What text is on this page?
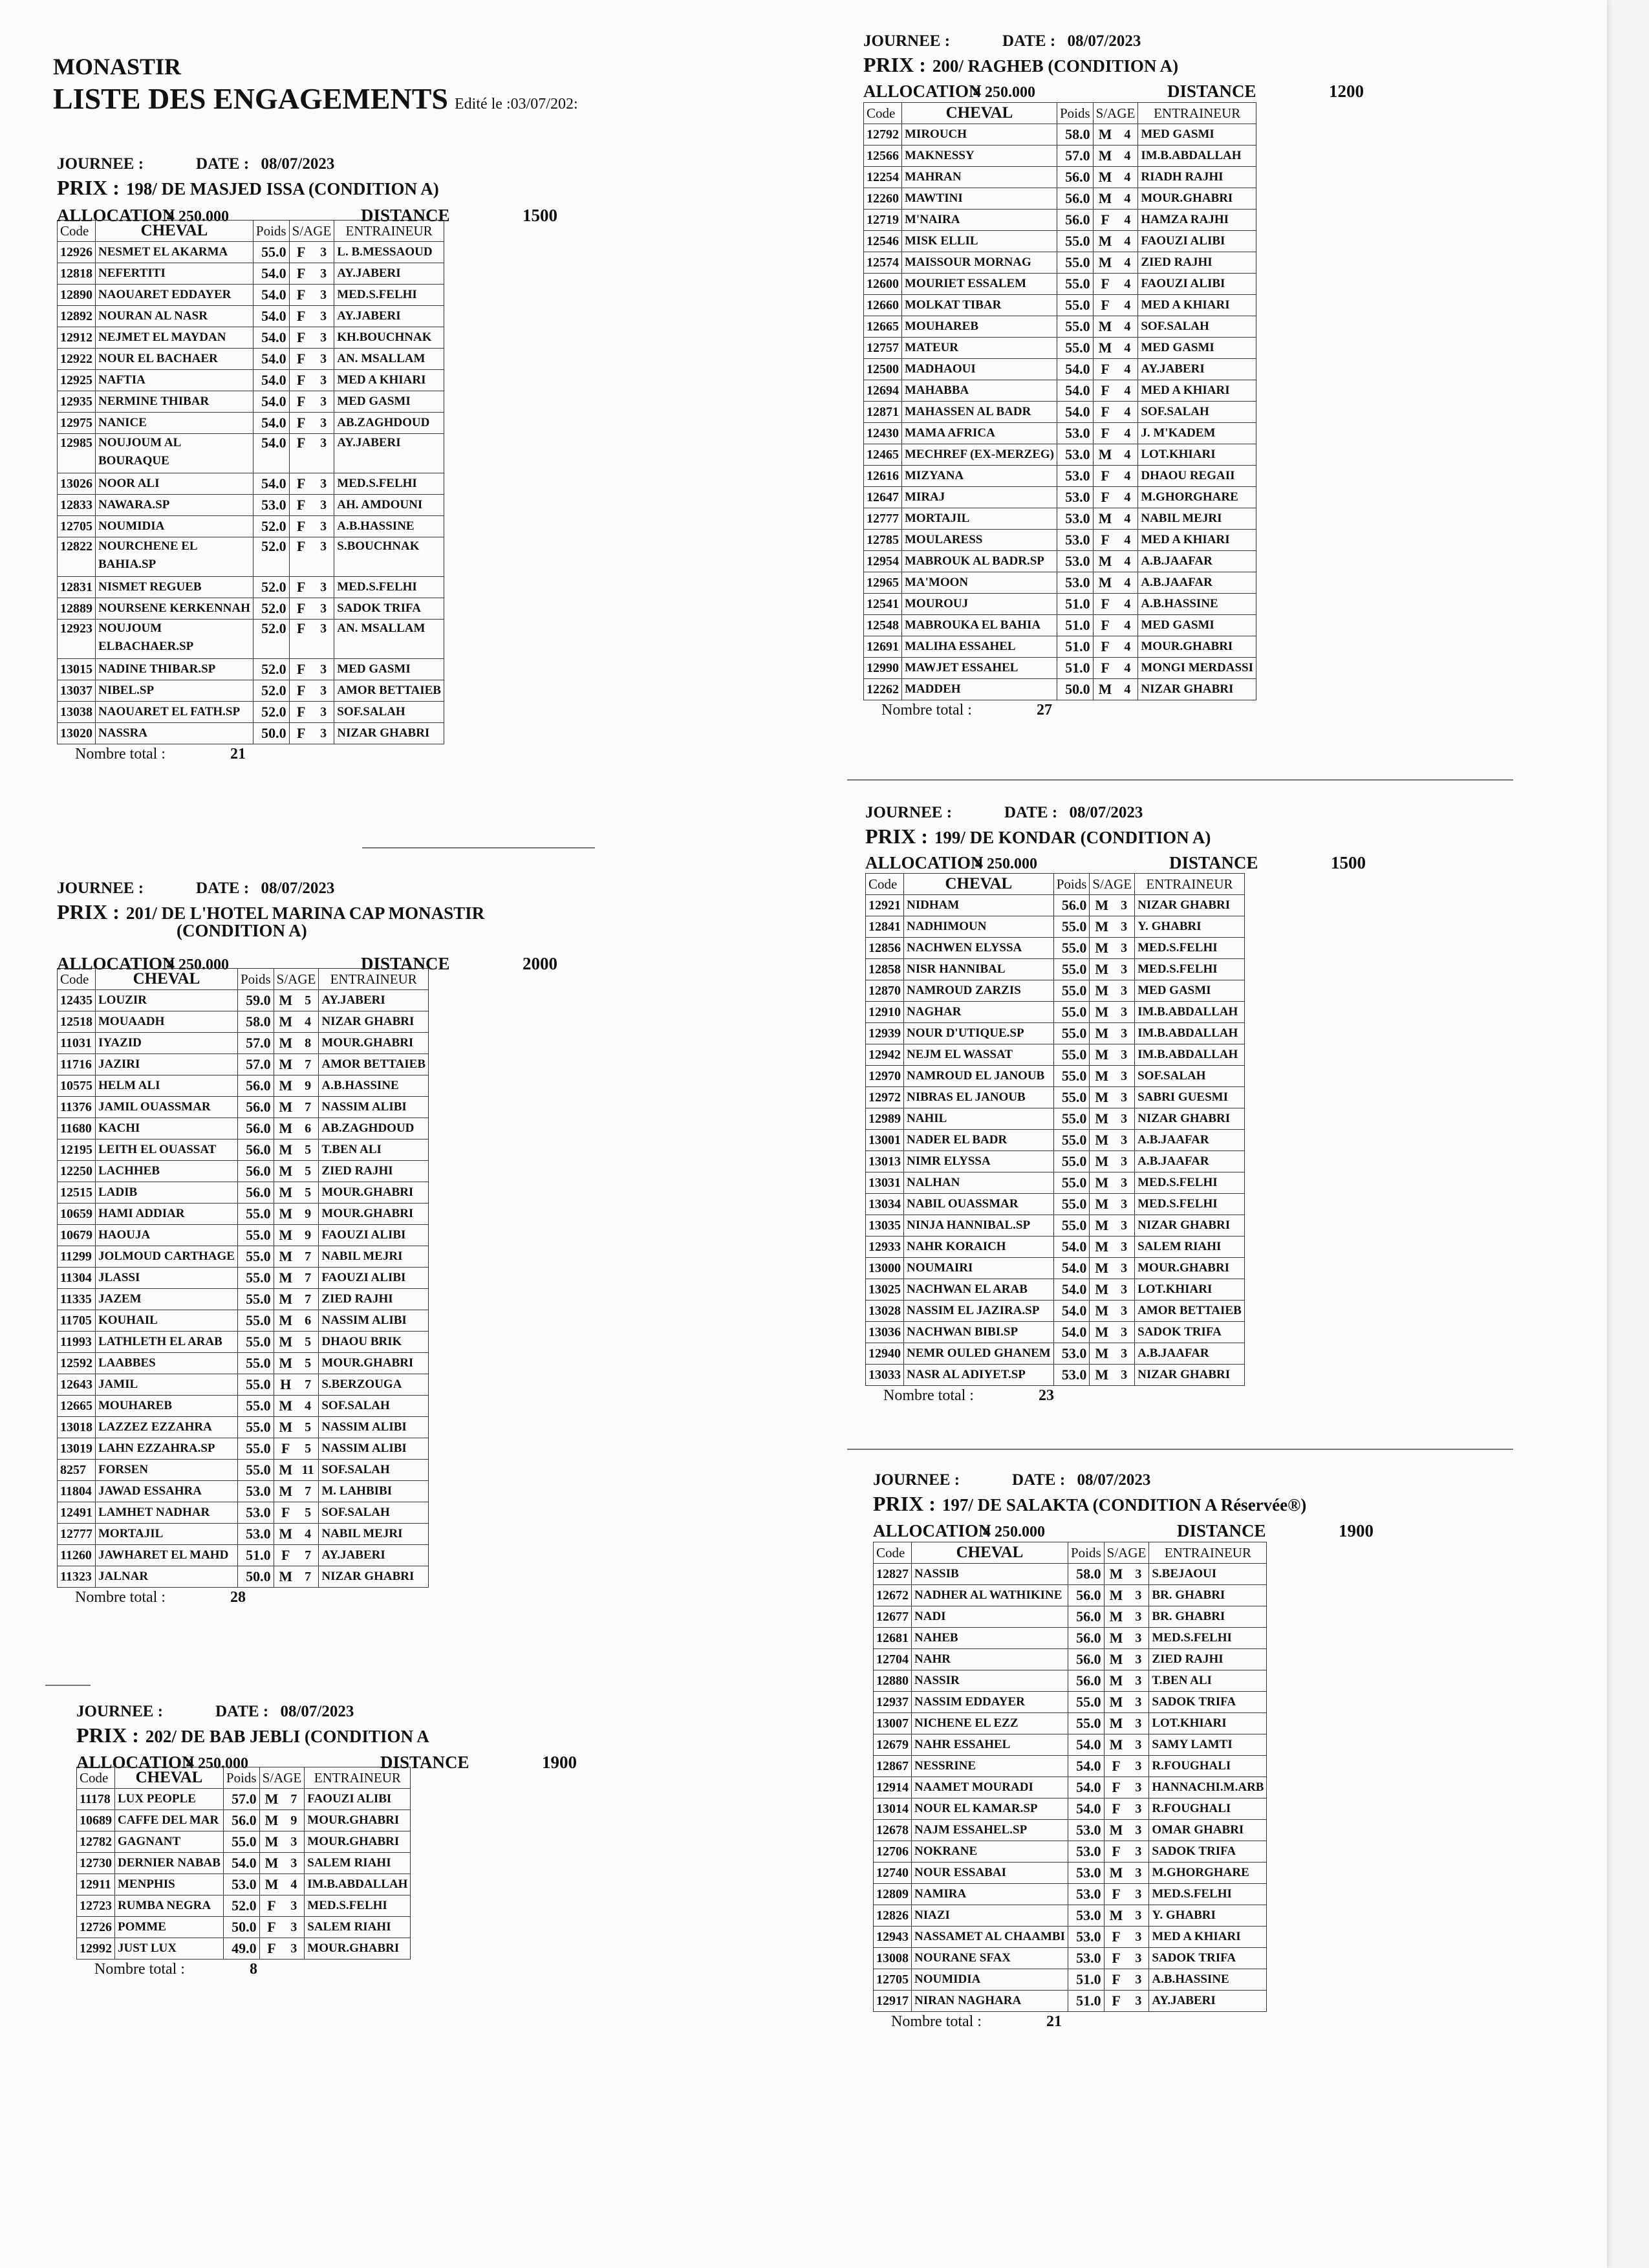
MONASTIR
LISTE DES ENGAGEMENTS Edité le :03/07/202:
JOURNEE :	DATE : 08/07/2023
PRIX : 198/ DE MASJED ISSA (CONDITION A)
ALLOCATION4 250.000	DISTANCE	1500
Code	CHEVAL	Poids	S/AGE		ENTRAINEUR
12926	NESMET EL AKARMA	55.0	F	3	L. B.MESSAOUD
12818	NEFERTITI	54.0	F	3	AY.JABERI
12890	NAOUARET EDDAYER	54.0	F	3	MED.S.FELHI
12892	NOURAN AL NASR	54.0	F	3	AY.JABERI
12912	NEJMET EL MAYDAN	54.0	F	3	KH.BOUCHNAK
12922	NOUR EL BACHAER	54.0	F	3	AN. MSALLAM
12925	NAFTIA	54.0	F	3	MED A KHIARI
12935	NERMINE THIBAR	54.0	F	3	MED GASMI
12975	NANICE	54.0	F	3	AB.ZAGHDOUD
12985	NOUJOUM AL
BOURAQUE	54.0	F	3	AY.JABERI
13026	NOOR ALI	54.0	F	3	MED.S.FELHI
12833	NAWARA.SP	53.0	F	3	AH. AMDOUNI
12705	NOUMIDIA	52.0	F	3	A.B.HASSINE
12822	NOURCHENE EL
BAHIA.SP	52.0	F	3	S.BOUCHNAK
12831	NISMET REGUEB	52.0	F	3	MED.S.FELHI
12889	NOURSENE KERKENNAH	52.0	F	3	SADOK TRIFA
12923	NOUJOUM
ELBACHAER.SP	52.0	F	3	AN. MSALLAM
13015	NADINE THIBAR.SP	52.0	F	3	MED GASMI
13037	NIBEL.SP	52.0	F	3	AMOR BETTAIEB
13038	NAOUARET EL FATH.SP	52.0	F	3	SOF.SALAH
13020	NASSRA	50.0	F	3	NIZAR GHABRI
Nombre total :	21
JOURNEE :	DATE : 08/07/2023
PRIX : 201/ DE L'HOTEL MARINA CAP MONASTIR
(CONDITION A)
ALLOCATION4 250.000	DISTANCE	2000
Code	CHEVAL	Poids	S/AGE		ENTRAINEUR
12435	LOUZIR	59.0	M	5	AY.JABERI
12518	MOUAADH	58.0	M	4	NIZAR GHABRI
11031	IYAZID	57.0	M	8	MOUR.GHABRI
11716	JAZIRI	57.0	M	7	AMOR BETTAIEB
10575	HELM ALI	56.0	M	9	A.B.HASSINE
11376	JAMIL OUASSMAR	56.0	M	7	NASSIM ALIBI
11680	KACHI	56.0	M	6	AB.ZAGHDOUD
12195	LEITH EL OUASSAT	56.0	M	5	T.BEN ALI
12250	LACHHEB	56.0	M	5	ZIED RAJHI
12515	LADIB	56.0	M	5	MOUR.GHABRI
10659	HAMI ADDIAR	55.0	M	9	MOUR.GHABRI
10679	HAOUJA	55.0	M	9	FAOUZI ALIBI
11299	JOLMOUD CARTHAGE	55.0	M	7	NABIL MEJRI
11304	JLASSI	55.0	M	7	FAOUZI ALIBI
11335	JAZEM	55.0	M	7	ZIED RAJHI
11705	KOUHAIL	55.0	M	6	NASSIM ALIBI
11993	LATHLETH EL ARAB	55.0	M	5	DHAOU BRIK
12592	LAABBES	55.0	M	5	MOUR.GHABRI
12643	JAMIL	55.0	H	7	S.BERZOUGA
12665	MOUHAREB	55.0	M	4	SOF.SALAH
13018	LAZZEZ EZZAHRA	55.0	M	5	NASSIM ALIBI
13019	LAHN EZZAHRA.SP	55.0	F	5	NASSIM ALIBI
8257	FORSEN	55.0	M	11	SOF.SALAH
11804	JAWAD ESSAHRA	53.0	M	7	M. LAHBIBI
12491	LAMHET NADHAR	53.0	F	5	SOF.SALAH
12777	MORTAJIL	53.0	M	4	NABIL MEJRI
11260	JAWHARET EL MAHD	51.0	F	7	AY.JABERI
11323	JALNAR	50.0	M	7	NIZAR GHABRI
Nombre total :	28
JOURNEE :	DATE : 08/07/2023
PRIX : 202/ DE BAB JEBLI (CONDITION A
ALLOCATION4 250.000	DISTANCE	1900
Code	CHEVAL	Poids	S/AGE		ENTRAINEUR
11178	LUX PEOPLE	57.0	M	7	FAOUZI ALIBI
10689	CAFFE DEL MAR	56.0	M	9	MOUR.GHABRI
12782	GAGNANT	55.0	M	3	MOUR.GHABRI
12730	DERNIER NABAB	54.0	M	3	SALEM RIAHI
12911	MENPHIS	53.0	M	4	IM.B.ABDALLAH
12723	RUMBA NEGRA	52.0	F	3	MED.S.FELHI
12726	POMME	50.0	F	3	SALEM RIAHI
12992	JUST LUX	49.0	F	3	MOUR.GHABRI
Nombre total :	8
JOURNEE :	DATE : 08/07/2023
PRIX : 200/ RAGHEB (CONDITION A)
ALLOCATION4 250.000	DISTANCE	1200
Code	CHEVAL	Poids	S/AGE		ENTRAINEUR
12792	MIROUCH	58.0	M	4	MED GASMI
12566	MAKNESSY	57.0	M	4	IM.B.ABDALLAH
12254	MAHRAN	56.0	M	4	RIADH RAJHI
12260	MAWTINI	56.0	M	4	MOUR.GHABRI
12719	M'NAIRA	56.0	F	4	HAMZA RAJHI
12546	MISK ELLIL	55.0	M	4	FAOUZI ALIBI
12574	MAISSOUR MORNAG	55.0	M	4	ZIED RAJHI
12600	MOURIET ESSALEM	55.0	F	4	FAOUZI ALIBI
12660	MOLKAT TIBAR	55.0	F	4	MED A KHIARI
12665	MOUHAREB	55.0	M	4	SOF.SALAH
12757	MATEUR	55.0	M	4	MED GASMI
12500	MADHAOUI	54.0	F	4	AY.JABERI
12694	MAHABBA	54.0	F	4	MED A KHIARI
12871	MAHASSEN AL BADR	54.0	F	4	SOF.SALAH
12430	MAMA AFRICA	53.0	F	4	J. M'KADEM
12465	MECHREF (EX-MERZEG)	53.0	M	4	LOT.KHIARI
12616	MIZYANA	53.0	F	4	DHAOU REGAII
12647	MIRAJ	53.0	F	4	M.GHORGHARE
12777	MORTAJIL	53.0	M	4	NABIL MEJRI
12785	MOULARESS	53.0	F	4	MED A KHIARI
12954	MABROUK AL BADR.SP	53.0	M	4	A.B.JAAFAR
12965	MA'MOON	53.0	M	4	A.B.JAAFAR
12541	MOUROUJ	51.0	F	4	A.B.HASSINE
12548	MABROUKA EL BAHIA	51.0	F	4	MED GASMI
12691	MALIHA ESSAHEL	51.0	F	4	MOUR.GHABRI
12990	MAWJET ESSAHEL	51.0	F	4	MONGI MERDASSI
12262	MADDEH	50.0	M	4	NIZAR GHABRI
Nombre total :	27
JOURNEE :	DATE : 08/07/2023
PRIX : 199/ DE KONDAR (CONDITION A)
ALLOCATION4 250.000	DISTANCE	1500
Code	CHEVAL	Poids	S/AGE		ENTRAINEUR
12921	NIDHAM	56.0	M	3	NIZAR GHABRI
12841	NADHIMOUN	55.0	M	3	Y. GHABRI
12856	NACHWEN ELYSSA	55.0	M	3	MED.S.FELHI
12858	NISR HANNIBAL	55.0	M	3	MED.S.FELHI
12870	NAMROUD ZARZIS	55.0	M	3	MED GASMI
12910	NAGHAR	55.0	M	3	IM.B.ABDALLAH
12939	NOUR D'UTIQUE.SP	55.0	M	3	IM.B.ABDALLAH
12942	NEJM EL WASSAT	55.0	M	3	IM.B.ABDALLAH
12970	NAMROUD EL JANOUB	55.0	M	3	SOF.SALAH
12972	NIBRAS EL JANOUB	55.0	M	3	SABRI GUESMI
12989	NAHIL	55.0	M	3	NIZAR GHABRI
13001	NADER EL BADR	55.0	M	3	A.B.JAAFAR
13013	NIMR ELYSSA	55.0	M	3	A.B.JAAFAR
13031	NALHAN	55.0	M	3	MED.S.FELHI
13034	NABIL OUASSMAR	55.0	M	3	MED.S.FELHI
13035	NINJA HANNIBAL.SP	55.0	M	3	NIZAR GHABRI
12933	NAHR KORAICH	54.0	M	3	SALEM RIAHI
13000	NOUMAIRI	54.0	M	3	MOUR.GHABRI
13025	NACHWAN EL ARAB	54.0	M	3	LOT.KHIARI
13028	NASSIM EL JAZIRA.SP	54.0	M	3	AMOR BETTAIEB
13036	NACHWAN BIBI.SP	54.0	M	3	SADOK TRIFA
12940	NEMR OULED GHANEM	53.0	M	3	A.B.JAAFAR
13033	NASR AL ADIYET.SP	53.0	M	3	NIZAR GHABRI
Nombre total :	23
JOURNEE :	DATE : 08/07/2023
PRIX : 197/ DE SALAKTA (CONDITION A Réservée®)
ALLOCATION4 250.000	DISTANCE	1900
Code	CHEVAL	Poids	S/AGE		ENTRAINEUR
12827	NASSIB	58.0	M	3	S.BEJAOUI
12672	NADHER AL WATHIKINE	56.0	M	3	BR. GHABRI
12677	NADI	56.0	M	3	BR. GHABRI
12681	NAHEB	56.0	M	3	MED.S.FELHI
12704	NAHR	56.0	M	3	ZIED RAJHI
12880	NASSIR	56.0	M	3	T.BEN ALI
12937	NASSIM EDDAYER	55.0	M	3	SADOK TRIFA
13007	NICHENE EL EZZ	55.0	M	3	LOT.KHIARI
12679	NAHR ESSAHEL	54.0	M	3	SAMY LAMTI
12867	NESSRINE	54.0	F	3	R.FOUGHALI
12914	NAAMET MOURADI	54.0	F	3	HANNACHI.M.ARB
13014	NOUR EL KAMAR.SP	54.0	F	3	R.FOUGHALI
12678	NAJM ESSAHEL.SP	53.0	M	3	OMAR GHABRI
12706	NOKRANE	53.0	F	3	SADOK TRIFA
12740	NOUR ESSABAI	53.0	M	3	M.GHORGHARE
12809	NAMIRA	53.0	F	3	MED.S.FELHI
12826	NIAZI	53.0	M	3	Y. GHABRI
12943	NASSAMET AL CHAAMBI	53.0	F	3	MED A KHIARI
13008	NOURANE SFAX	53.0	F	3	SADOK TRIFA
12705	NOUMIDIA	51.0	F	3	A.B.HASSINE
12917	NIRAN NAGHARA	51.0	F	3	AY.JABERI
Nombre total :	21
